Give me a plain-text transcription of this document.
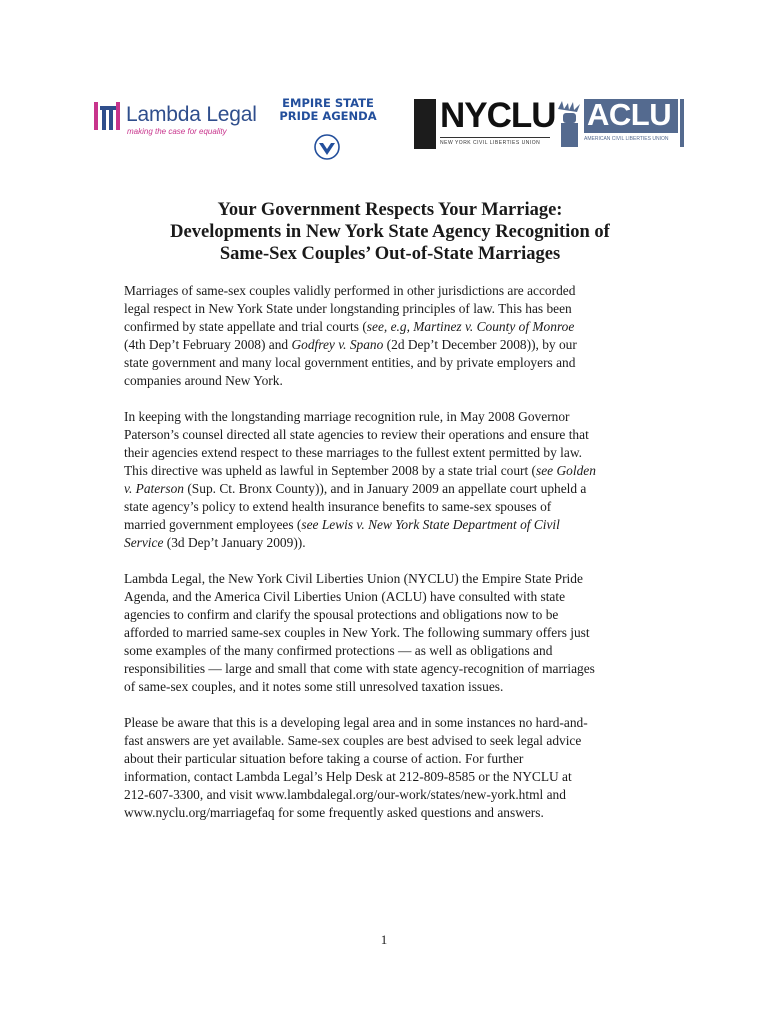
Lambda Legal
making the case for equality
EMPIRE STATE
PRIDE AGENDA NYCLU
NEW YORK CIVIL LIBERTIES UNION
ACLU
AMERICAN CIVIL LIBERTIES UNION
Your Government Respects Your Marriage:
Developments in New York State Agency Recognition of
Same-Sex Couples’ Out-of-State Marriages
Marriages of same-sex couples validly performed in other jurisdictions are accorded
legal respect in New York State under longstanding principles of law. This has been
confirmed by state appellate and trial courts (see, e.g, Martinez v. County of Monroe
(4th Dep’t February 2008) and Godfrey v. Spano (2d Dep’t December 2008)), by our
state government and many local government entities, and by private employers and
companies around New York.
In keeping with the longstanding marriage recognition rule, in May 2008 Governor
Paterson’s counsel directed all state agencies to review their operations and ensure that
their agencies extend respect to these marriages to the fullest extent permitted by law.
This directive was upheld as lawful in September 2008 by a state trial court (see Golden
v. Paterson (Sup. Ct. Bronx County)), and in January 2009 an appellate court upheld a
state agency’s policy to extend health insurance benefits to same-sex spouses of
married government employees (see Lewis v. New York State Department of Civil
Service (3d Dep’t January 2009)).
Lambda Legal, the New York Civil Liberties Union (NYCLU) the Empire State Pride
Agenda, and the America Civil Liberties Union (ACLU) have consulted with state
agencies to confirm and clarify the spousal protections and obligations now to be
afforded to married same-sex couples in New York. The following summary offers just
some examples of the many confirmed protections — as well as obligations and
responsibilities — large and small that come with state agency-recognition of marriages
of same-sex couples, and it notes some still unresolved taxation issues.
Please be aware that this is a developing legal area and in some instances no hard-and-
fast answers are yet available. Same-sex couples are best advised to seek legal advice
about their particular situation before taking a course of action. For further
information, contact Lambda Legal’s Help Desk at 212-809-8585 or the NYCLU at
212-607-3300, and visit www.lambdalegal.org/our-work/states/new-york.html and
www.nyclu.org/marriagefaq for some frequently asked questions and answers.
1
